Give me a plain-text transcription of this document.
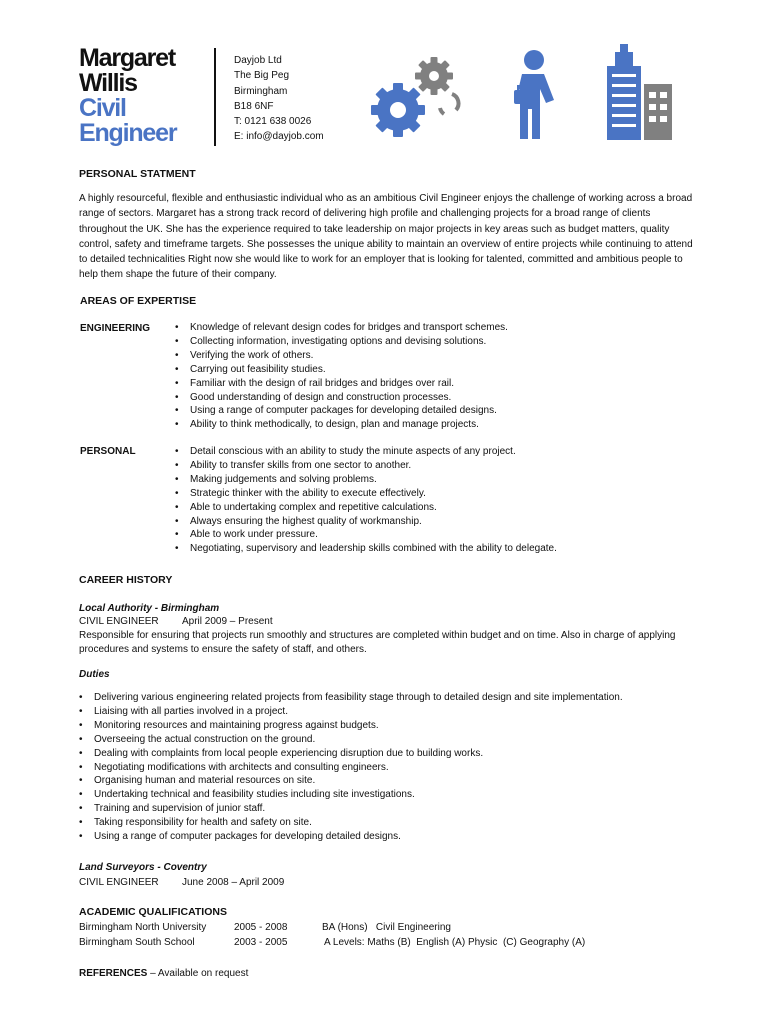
Margaret
Willis
Civil
Engineer
Dayjob Ltd
The Big Peg
Birmingham
B18 6NF
T: 0121 638 0026
E: info@dayjob.com
PERSONAL STATMENT
A highly resourceful, flexible and enthusiastic individual who as an ambitious Civil Engineer enjoys the challenge of working across a broad range of sectors. Margaret has a strong track record of delivering high profile and challenging projects for a broad range of clients throughout the UK. She has the experience required to take leadership on major projects in key areas such as budget matters, quality control, safety and timeframe targets. She possesses the unique ability to maintain an overview of entire projects while continuing to attend to detailed technicalities Right now she would like to work for an employer that is looking for talented, committed and ambitious people to help them shape the future of their company.
AREAS OF EXPERTISE
ENGINEERING	• Knowledge of relevant design codes for bridges and transport schemes.
• Collecting information, investigating options and devising solutions.
• Verifying the work of others.
• Carrying out feasibility studies.
• Familiar with the design of rail bridges and bridges over rail.
• Good understanding of design and construction processes.
• Using a range of computer packages for developing detailed designs.
• Ability to think methodically, to design, plan and manage projects.
PERSONAL	• Detail conscious with an ability to study the minute aspects of any project.
• Ability to transfer skills from one sector to another.
• Making judgements and solving problems.
• Strategic thinker with the ability to execute effectively.
• Able to undertaking complex and repetitive calculations.
• Always ensuring the highest quality of workmanship.
• Able to work under pressure.
• Negotiating, supervisory and leadership skills combined with the ability to delegate.
CAREER HISTORY
Local Authority - Birmingham
CIVIL ENGINEER April 2009 – Present
Responsible for ensuring that projects run smoothly and structures are completed within budget and on time. Also in charge of applying procedures and systems to ensure the safety of staff, and others.
Duties
• Delivering various engineering related projects from feasibility stage through to detailed design and site implementation.
• Liaising with all parties involved in a project.
• Monitoring resources and maintaining progress against budgets.
• Overseeing the actual construction on the ground.
• Dealing with complaints from local people experiencing disruption due to building works.
• Negotiating modifications with architects and consulting engineers.
• Organising human and material resources on site.
• Undertaking technical and feasibility studies including site investigations.
• Training and supervision of junior staff.
• Taking responsibility for health and safety on site.
• Using a range of computer packages for developing detailed designs.
Land Surveyors - Coventry
CIVIL ENGINEER June 2008 – April 2009
ACADEMIC QUALIFICATIONS
Birmingham North University	2005 - 2008	BA (Hons)   Civil Engineering
Birmingham South School	2003 - 2005	A Levels: Maths (B)  English (A) Physic  (C) Geography (A)
REFERENCES – Available on request
